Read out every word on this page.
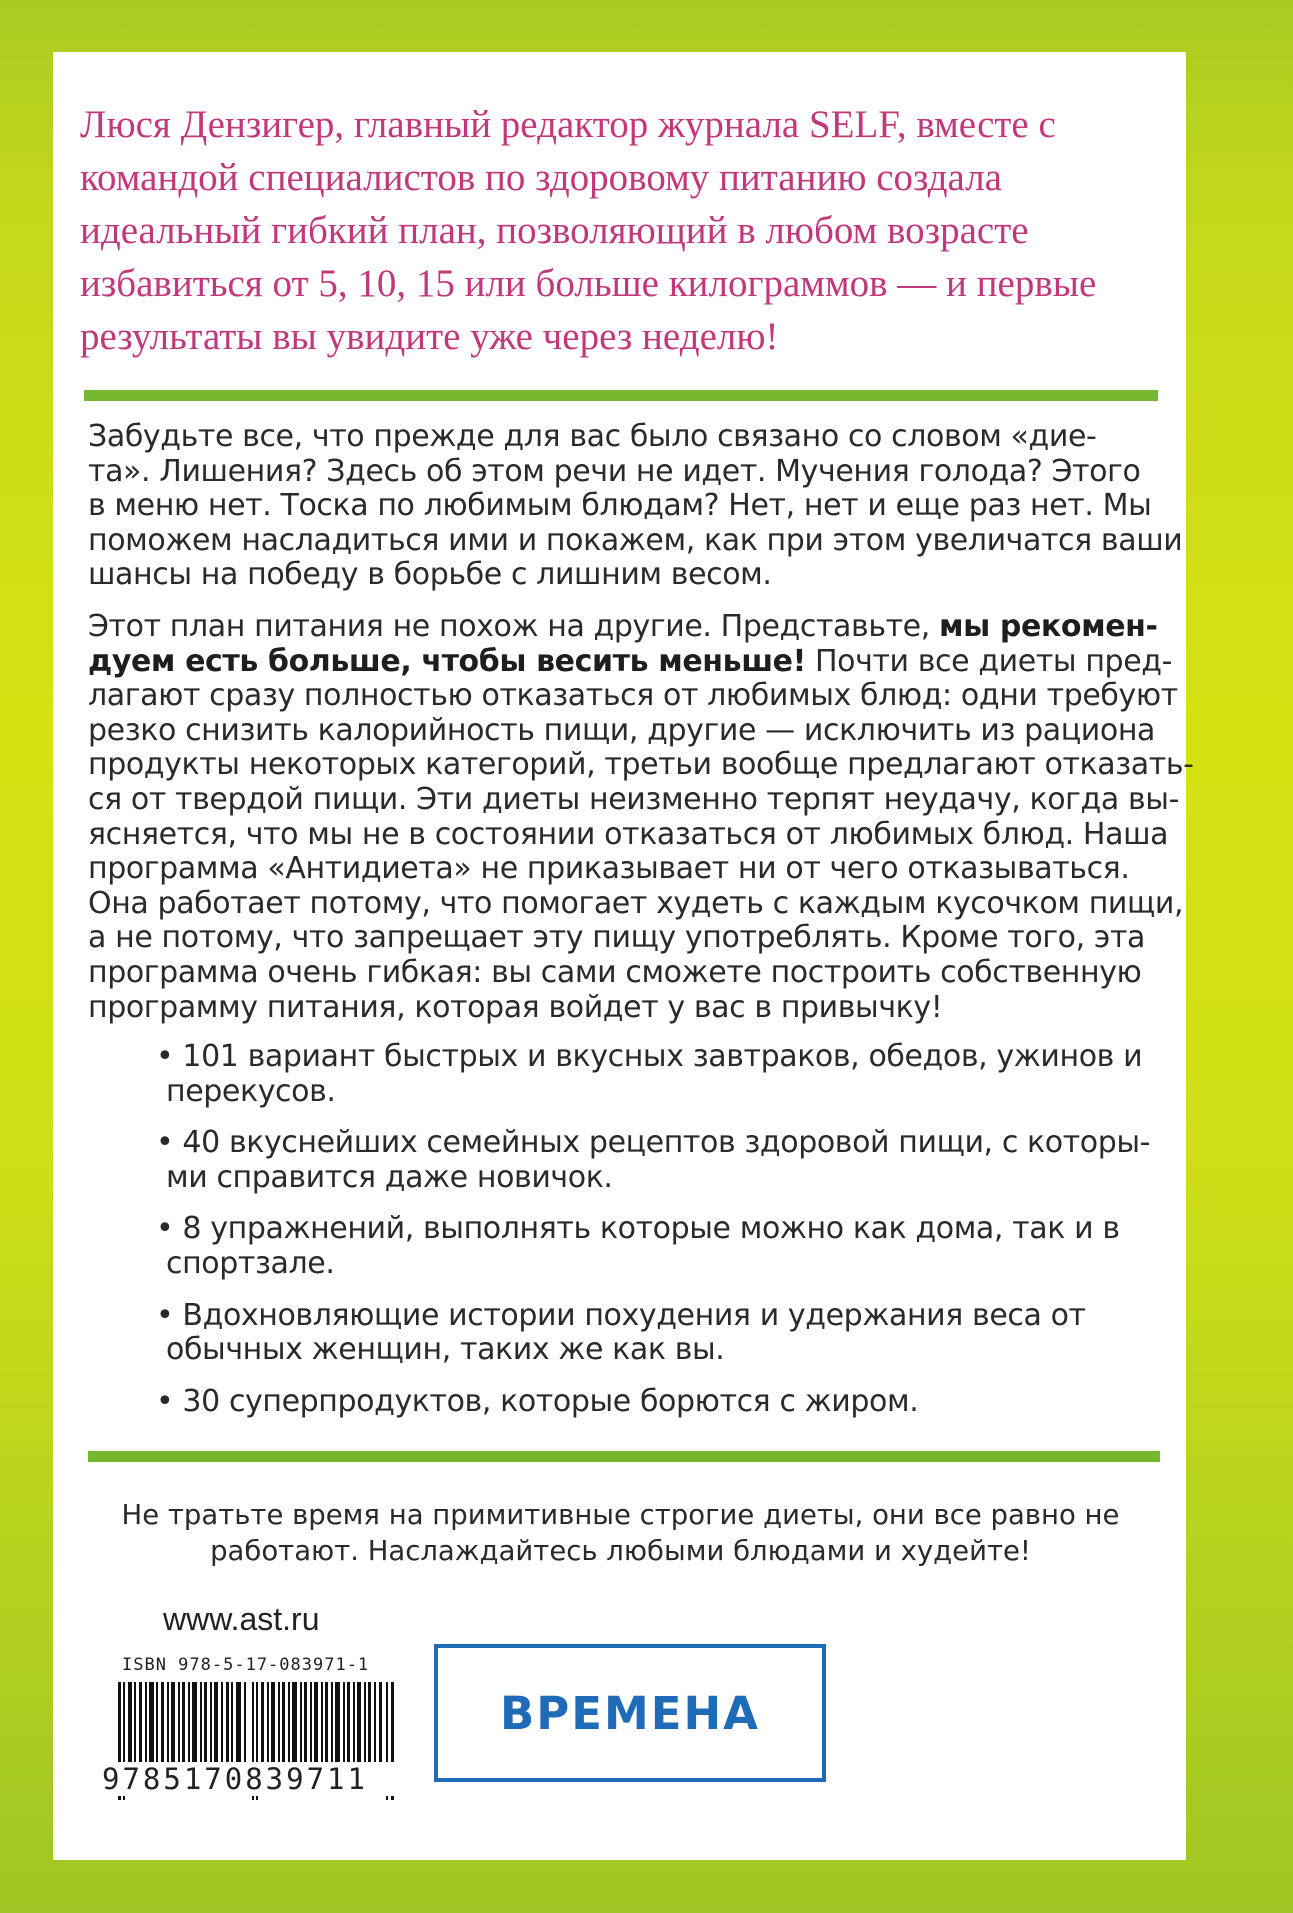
Люся Дензигер, главный редактор журнала SELF, вместе с
командой специалистов по здоровому питанию создала
идеальный гибкий план, позволяющий в любом возрасте
избавиться от 5, 10, 15 или больше килограммов — и первые
результаты вы увидите уже через неделю!
Забудьте все, что прежде для вас было связано со словом «дие-
та». Лишения? Здесь об этом речи не идет. Мучения голода? Этого
в меню нет. Тоска по любимым блюдам? Нет, нет и еще раз нет. Мы
поможем насладиться ими и покажем, как при этом увеличатся ваши
шансы на победу в борьбе с лишним весом.
Этот план питания не похож на другие. Представьте, мы рекомен-
дуем есть больше, чтобы весить меньше! Почти все диеты пред-
лагают сразу полностью отказаться от любимых блюд: одни требуют
резко снизить калорийность пищи, другие — исключить из рациона
продукты некоторых категорий, третьи вообще предлагают отказать-
ся от твердой пищи. Эти диеты неизменно терпят неудачу, когда вы-
ясняется, что мы не в состоянии отказаться от любимых блюд. Наша
программа «Антидиета» не приказывает ни от чего отказываться.
Она работает потому, что помогает худеть с каждым кусочком пищи,
а не потому, что запрещает эту пищу употреблять. Кроме того, эта
программа очень гибкая: вы сами сможете построить собственную
программу питания, которая войдет у вас в привычку!
• 101 вариант быстрых и вкусных завтраков, обедов, ужинов и
перекусов.
• 40 вкуснейших семейных рецептов здоровой пищи, с которы-
ми справится даже новичок.
• 8 упражнений, выполнять которые можно как дома, так и в
спортзале.
• Вдохновляющие истории похудения и удержания веса от
обычных женщин, таких же как вы.
• 30 суперпродуктов, которые борются с жиром.
Не тратьте время на примитивные строгие диеты, они все равно не
работают. Наслаждайтесь любыми блюдами и худейте!
www.ast.ru
ISBN 978-5-17-083971-1
9785170839711
ВРЕМЕНА
